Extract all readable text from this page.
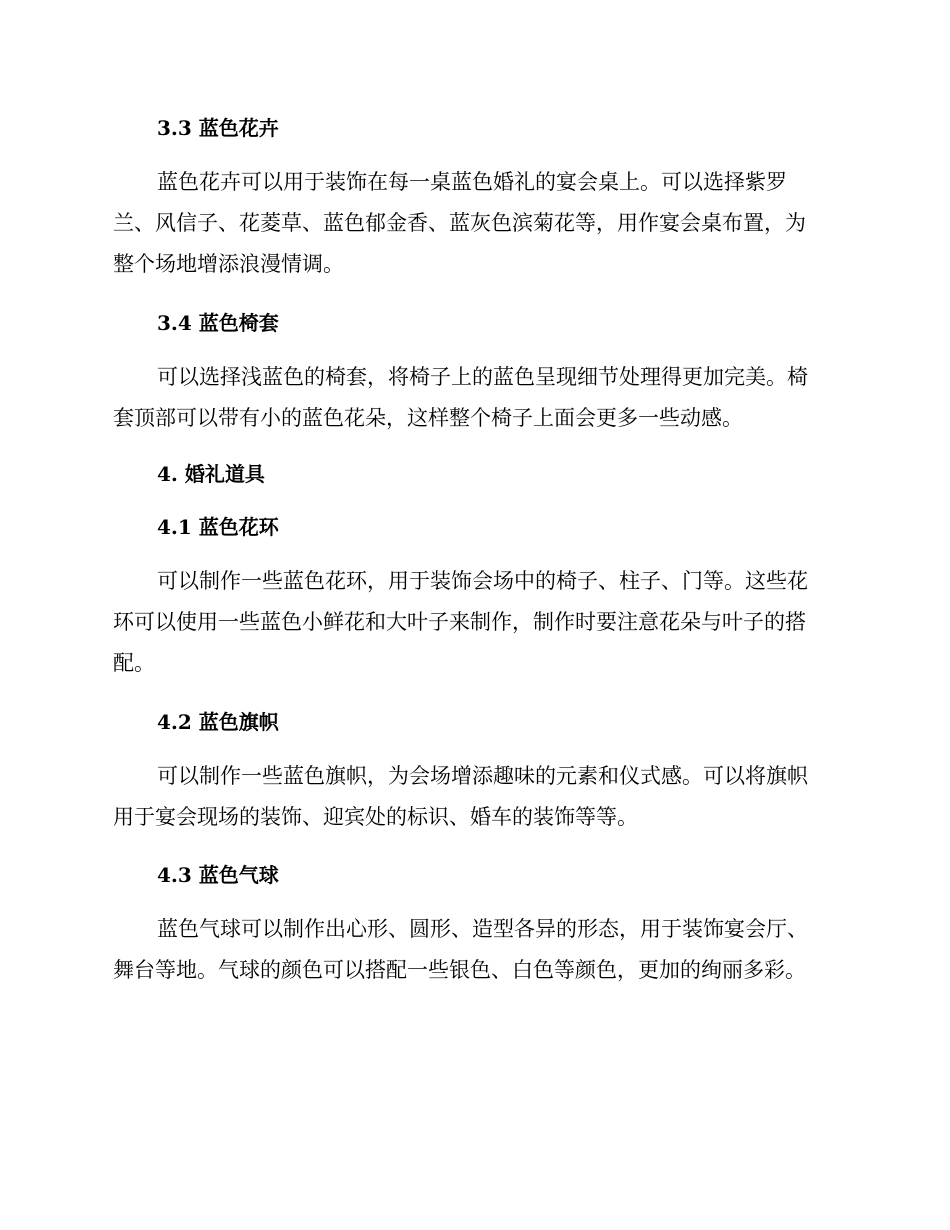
3.3 蓝色花卉
蓝色花卉可以用于装饰在每一桌蓝色婚礼的宴会桌上。可以选择紫罗
兰、风信子、花菱草、蓝色郁金香、蓝灰色滨菊花等，用作宴会桌布置，为
整个场地增添浪漫情调。
3.4 蓝色椅套
可以选择浅蓝色的椅套，将椅子上的蓝色呈现细节处理得更加完美。椅
套顶部可以带有小的蓝色花朵，这样整个椅子上面会更多一些动感。
4. 婚礼道具
4.1 蓝色花环
可以制作一些蓝色花环，用于装饰会场中的椅子、柱子、门等。这些花
环可以使用一些蓝色小鲜花和大叶子来制作，制作时要注意花朵与叶子的搭
配。
4.2 蓝色旗帜
可以制作一些蓝色旗帜，为会场增添趣味的元素和仪式感。可以将旗帜
用于宴会现场的装饰、迎宾处的标识、婚车的装饰等等。
4.3 蓝色气球
蓝色气球可以制作出心形、圆形、造型各异的形态，用于装饰宴会厅、
舞台等地。气球的颜色可以搭配一些银色、白色等颜色，更加的绚丽多彩。
